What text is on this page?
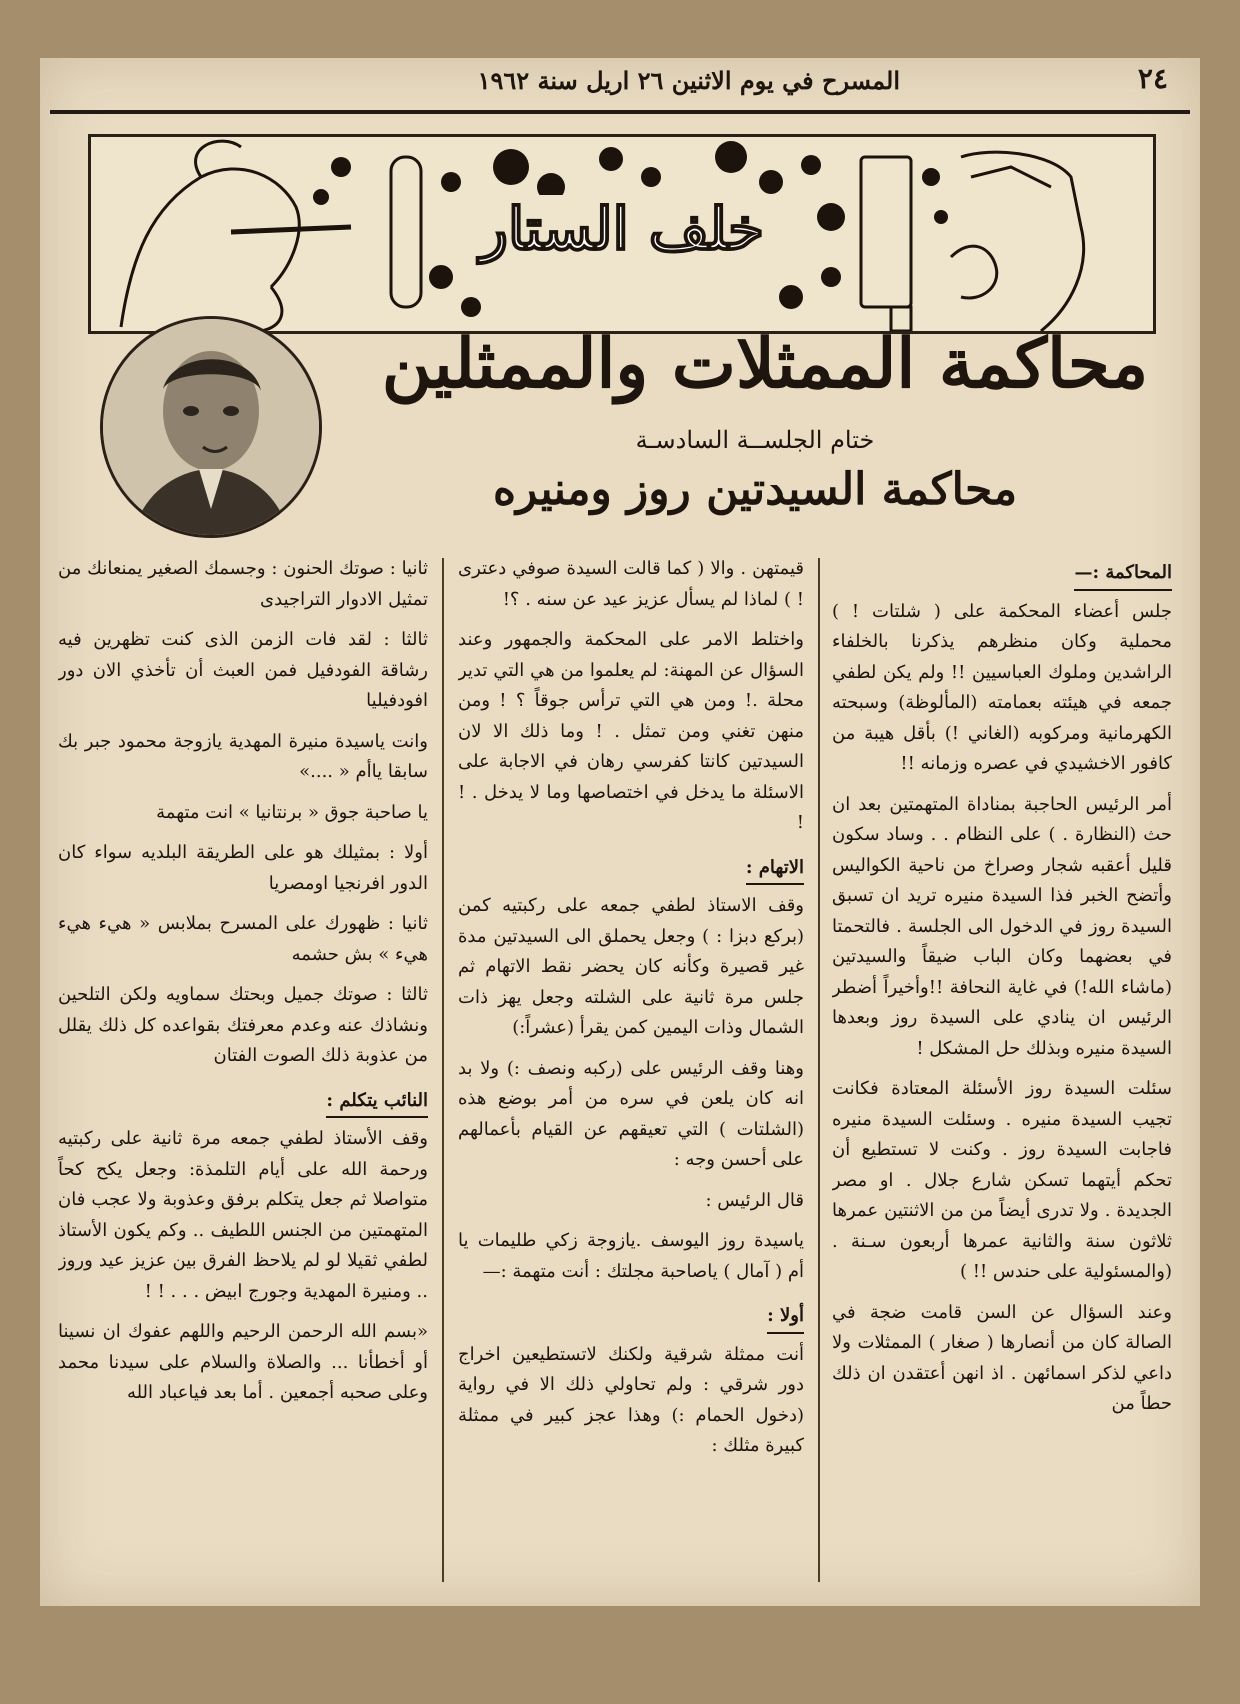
٢٤
المسرح في يوم الاثنين ٢٦ اريل سنة ١٩٦٢
خلف الستار
محاكمة الممثلات والممثلين
ختام الجلســة السادسـة
محاكمة السيدتين روز ومنيره
المحاكمة :—

جلس أعضاء المحكمة على ( شلتات ! ) محملية وكان منظرهم يذكرنا بالخلفاء الراشدين وملوك العباسيين !! ولم يكن لطفي جمعه في هيئته بعمامته (المألوظة) وسبحته الكهرمانية ومركوبه (الغاني !) بأقل هيبة من كافور الاخشيدي في عصره وزمانه !!

أمر الرئيس الحاجبة بمناداة المتهمتين بعد ان حث (النظارة . ) على النظام . . وساد سكون قليل أعقبه شجار وصراخ من ناحية الكواليس وأتضح الخبر فذا السيدة منيره تريد ان تسبق السيدة روز في الدخول الى الجلسة . فالتحمتا في بعضهما وكان الباب ضيقاً والسيدتين (ماشاء الله!) في غاية النحافة !!وأخيراً أضطر الرئيس ان ينادي على السيدة روز وبعدها السيدة منيره وبذلك حل المشكل !

سئلت السيدة روز الأسئلة المعتادة فكانت تجيب السيدة منيره . وسئلت السيدة منيره فاجابت السيدة روز . وكنت لا تستطيع أن تحكم أيتهما تسكن شارع جلال . او مصر الجديدة . ولا تدرى أيضاً من من الاثنتين عمرها ثلاثون سنة والثانية عمرها أربعون سـنة . (والمسئولية على حندس !! )

وعند السؤال عن السن قامت ضجة في الصالة كان من أنصارها ( صغار ) الممثلات ولا داعي لذكر اسمائهن . اذ انهن أعتقدن ان ذلك حطاً من

قيمتهن . والا ( كما قالت السيدة صوفي دعترى ! ) لماذا لم يسأل عزيز عيد عن سنه . ؟!

واختلط الامر على المحكمة والجمهور وعند السؤال عن المهنة: لم يعلموا من هي التي تدير محلة .! ومن هي التي ترأس جوقاً ؟ ! ومن منهن تغني ومن تمثل . ! وما ذلك الا لان السيدتين كانتا كفرسي رهان في الاجابة على الاسئلة ما يدخل في اختصاصها وما لا يدخل . ! !

الاتهام :

وقف الاستاذ لطفي جمعه على ركبتيه كمن (بركع دبزا : ) وجعل يحملق الى السيدتين مدة غير قصيرة وكأنه كان يحضر نقط الاتهام ثم جلس مرة ثانية على الشلته وجعل يهز ذات الشمال وذات اليمين كمن يقرأ (عشراً:)

وهنا وقف الرئيس على (ركبه ونصف :) ولا بد انه كان يلعن في سره من أمر بوضع هذه (الشلتات ) التي تعيقهم عن القيام بأعمالهم على أحسن وجه :

قال الرئيس :

ياسيدة روز اليوسف .يازوجة زكي طليمات يا أم ( آمال ) ياصاحبة مجلتك : أنت متهمة :—

أولا :

أنت ممثلة شرقية ولكنك لاتستطيعين اخراج دور شرقي : ولم تحاولي ذلك الا في رواية (دخول الحمام :) وهذا عجز كبير في ممثلة كبيرة مثلك :

ثانيا : صوتك الحنون : وجسمك الصغير يمنعانك من تمثيل الادوار التراجيدى

ثالثا : لقد فات الزمن الذى كنت تظهرين فيه رشاقة الفودفيل فمن العبث أن تأخذي الان دور افودفيليا

وانت ياسيدة منيرة المهدية يازوجة محمود جبر بك سابقا ياأم « ....»

يا صاحبة جوق « برنتانيا » انت متهمة

أولا : بمثيلك هو على الطريقة البلديه سواء كان الدور افرنجيا اومصريا

ثانيا : ظهورك على المسرح بملابس « هيء هيء هيء » بش حشمه

ثالثا : صوتك جميل وبحتك سماويه ولكن التلحين ونشاذك عنه وعدم معرفتك بقواعده كل ذلك يقلل من عذوبة ذلك الصوت الفتان

النائب يتكلم :

وقف الأستاذ لطفي جمعه مرة ثانية على ركبتيه ورحمة الله على أيام التلمذة: وجعل يكح كحاً متواصلا ثم جعل يتكلم برفق وعذوبة ولا عجب فان المتهمتين من الجنس اللطيف .. وكم يكون الأستاذ لطفي ثقيلا لو لم يلاحظ الفرق بين عزيز عيد وروز .. ومنيرة المهدية وجورج ابيض . . . ! !

«بسم الله الرحمن الرحيم واللهم عفوك ان نسينا أو أخطأنا ... والصلاة والسلام على سيدنا محمد وعلى صحبه أجمعين . أما بعد فياعباد الله
